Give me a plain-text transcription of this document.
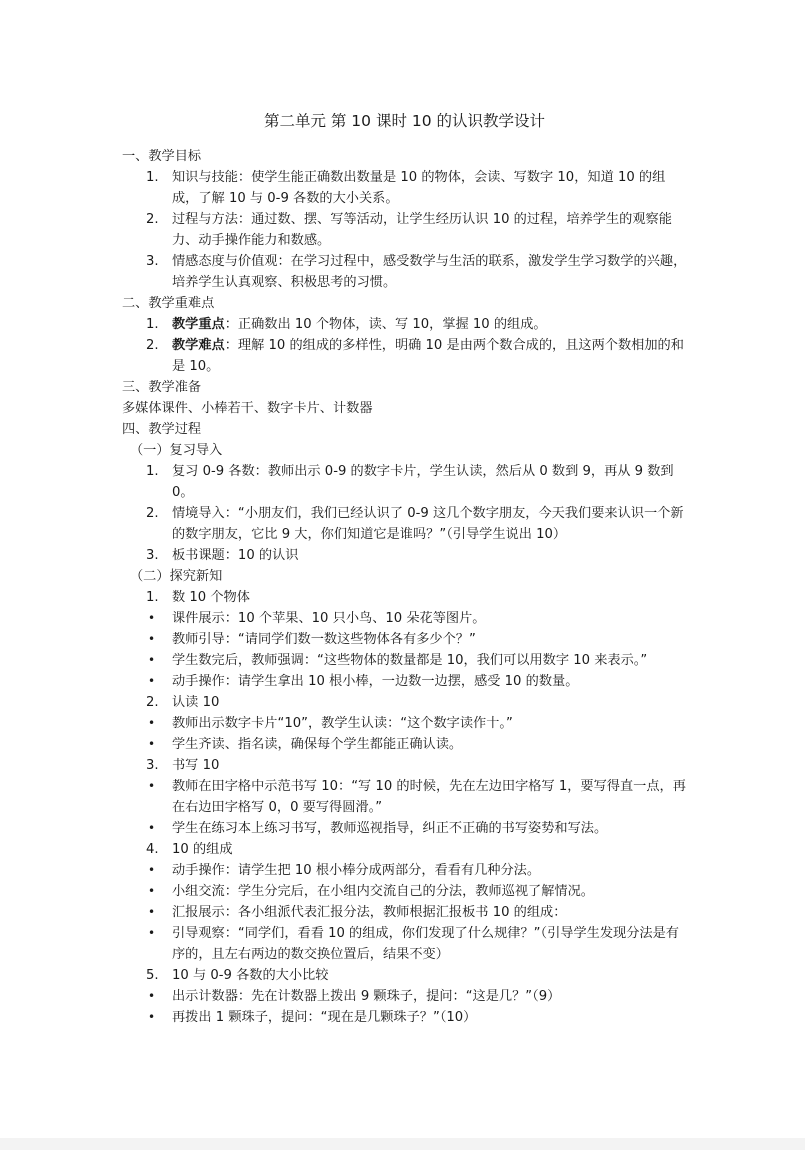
第二单元 第 10 课时 10 的认识教学设计
一、教学目标
1. 知识与技能：使学生能正确数出数量是 10 的物体，会读、写数字 10，知道 10 的组成，了解 10 与 0-9 各数的大小关系。
2. 过程与方法：通过数、摆、写等活动，让学生经历认识 10 的过程，培养学生的观察能力、动手操作能力和数感。
3. 情感态度与价值观：在学习过程中，感受数学与生活的联系，激发学生学习数学的兴趣，培养学生认真观察、积极思考的习惯。
二、教学重难点
1. 教学重点：正确数出 10 个物体，读、写 10，掌握 10 的组成。
2. 教学难点：理解 10 的组成的多样性，明确 10 是由两个数合成的，且这两个数相加的和是 10。
三、教学准备
多媒体课件、小棒若干、数字卡片、计数器
四、教学过程
（一）复习导入
1. 复习 0-9 各数：教师出示 0-9 的数字卡片，学生认读，然后从 0 数到 9，再从 9 数到 0。
2. 情境导入：“小朋友们，我们已经认识了 0-9 这几个数字朋友，今天我们要来认识一个新的数字朋友，它比 9 大，你们知道它是谁吗？”（引导学生说出 10）
3. 板书课题：10 的认识
（二）探究新知
1. 数 10 个物体
• 课件展示：10 个苹果、10 只小鸟、10 朵花等图片。
• 教师引导：“请同学们数一数这些物体各有多少个？”
• 学生数完后，教师强调：“这些物体的数量都是 10，我们可以用数字 10 来表示。”
• 动手操作：请学生拿出 10 根小棒，一边数一边摆，感受 10 的数量。
2. 认读 10
• 教师出示数字卡片“10”，教学生认读：“这个数字读作十。”
• 学生齐读、指名读，确保每个学生都能正确认读。
3. 书写 10
• 教师在田字格中示范书写 10：“写 10 的时候，先在左边田字格写 1，要写得直一点，再在右边田字格写 0，0 要写得圆滑。”
• 学生在练习本上练习书写，教师巡视指导，纠正不正确的书写姿势和写法。
4. 10 的组成
• 动手操作：请学生把 10 根小棒分成两部分，看看有几种分法。
• 小组交流：学生分完后，在小组内交流自己的分法，教师巡视了解情况。
• 汇报展示：各小组派代表汇报分法，教师根据汇报板书 10 的组成：
• 引导观察：“同学们，看看 10 的组成，你们发现了什么规律？”（引导学生发现分法是有序的，且左右两边的数交换位置后，结果不变）
5. 10 与 0-9 各数的大小比较
• 出示计数器：先在计数器上拨出 9 颗珠子，提问：“这是几？”（9）
• 再拨出 1 颗珠子，提问：“现在是几颗珠子？”（10）
